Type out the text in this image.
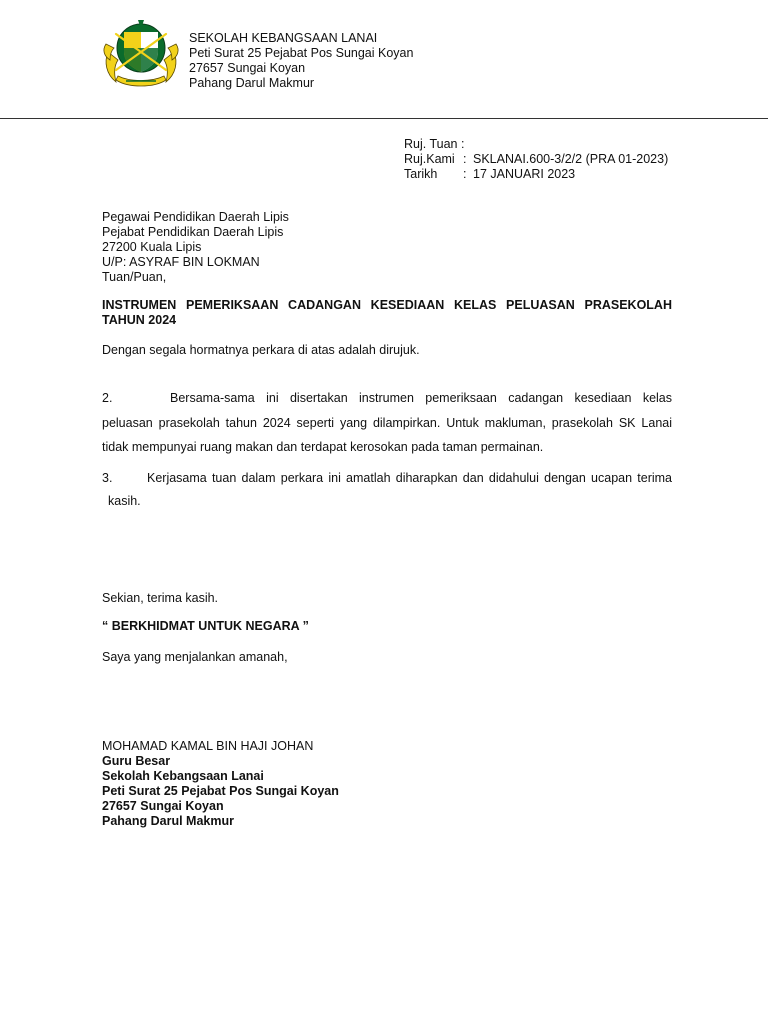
SEKOLAH KEBANGSAAN LANAI
Peti Surat 25 Pejabat Pos Sungai Koyan
27657 Sungai Koyan
Pahang Darul Makmur
Ruj. Tuan :
Ruj.Kami : SKLANAI.600-3/2/2 (PRA 01-2023)
Tarikh : 17 JANUARI 2023
Pegawai Pendidikan Daerah Lipis
Pejabat Pendidikan Daerah Lipis
27200 Kuala Lipis
U/P: ASYRAF BIN LOKMAN
Tuan/Puan,
INSTRUMEN PEMERIKSAAN CADANGAN KESEDIAAN KELAS PELUASAN PRASEKOLAH
TAHUN 2024
Dengan segala hormatnya perkara di atas adalah dirujuk.
2.	Bersama-sama ini disertakan instrumen pemeriksaan cadangan kesediaan kelas
peluasan prasekolah tahun 2024 seperti yang dilampirkan. Untuk makluman, prasekolah SK Lanai
tidak mempunyai ruang makan dan terdapat kerosokan pada taman permainan.
3.	Kerjasama tuan dalam perkara ini amatlah diharapkan dan didahului dengan ucapan terima
kasih.
Sekian, terima kasih.
“ BERKHIDMAT UNTUK NEGARA ”
Saya yang menjalankan amanah,
MOHAMAD KAMAL BIN HAJI JOHAN
Guru Besar
Sekolah Kebangsaan Lanai
Peti Surat 25 Pejabat Pos Sungai Koyan
27657 Sungai Koyan
Pahang Darul Makmur
